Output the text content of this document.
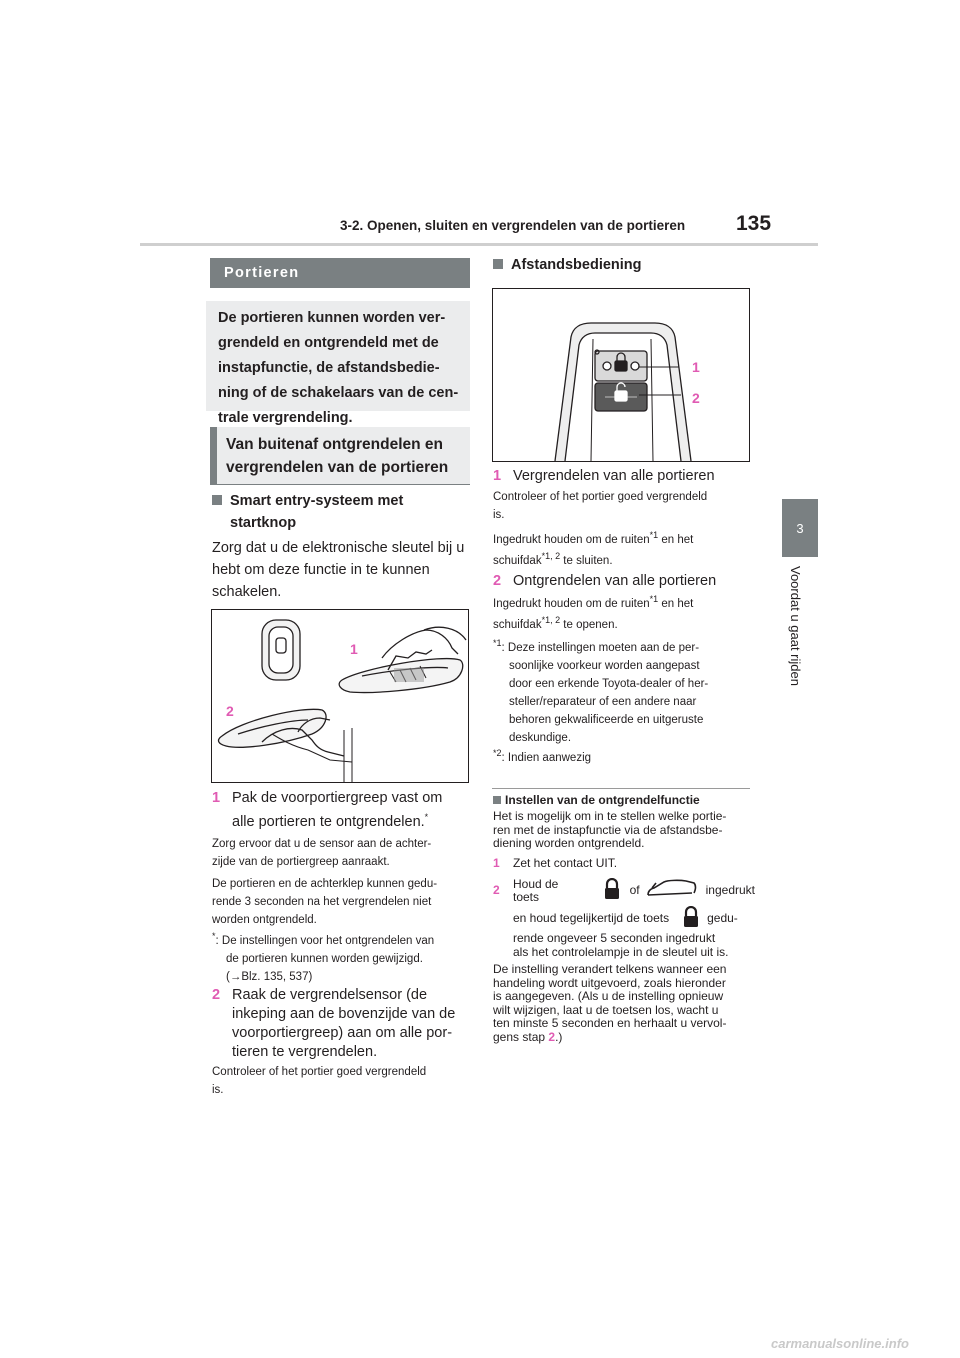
3-2. Openen, sluiten en vergrendelen van de portieren	135
3
Voordat u gaat rijden
Portieren
De portieren kunnen worden ver-
grendeld en ontgrendeld met de
instapfunctie, de afstandsbedie-
ning of de schakelaars van de cen-
trale vergrendeling.
Van buitenaf ontgrendelen en
vergrendelen van de portieren
Smart entry-systeem met
startknop
Zorg dat u de elektronische sleutel bij u
hebt om deze functie in te kunnen
schakelen.
1
2
1 Pak de voorportiergreep vast om
alle portieren te ontgrendelen.*
Zorg ervoor dat u de sensor aan de achter-
zijde van de portiergreep aanraakt.
De portieren en de achterklep kunnen gedu-
rende 3 seconden na het vergrendelen niet
worden ontgrendeld.
*: De instellingen voor het ontgrendelen van
de portieren kunnen worden gewijzigd.
(→Blz. 135, 537)
2 Raak de vergrendelsensor (de
inkeping aan de bovenzijde van de
voorportiergreep) aan om alle por-
tieren te vergrendelen.
Controleer of het portier goed vergrendeld
is.
Afstandsbediening
1
2
1 Vergrendelen van alle portieren
Controleer of het portier goed vergrendeld
is.
Ingedrukt houden om de ruiten$^{*1}$ en het
schuifdak$^{*1, 2}$ te sluiten.
2 Ontgrendelen van alle portieren
Ingedrukt houden om de ruiten$^{*1}$ en het
schuifdak$^{*1, 2}$ te openen.
$^{*1}$: Deze instellingen moeten aan de per-
soonlijke voorkeur worden aangepast
door een erkende Toyota-dealer of her-
steller/reparateur of een andere naar
behoren gekwalificeerde en uitgeruste
deskundige.
$^{*2}$: Indien aanwezig
Instellen van de ontgrendelfunctie
Het is mogelijk om in te stellen welke portie-
ren met de instapfunctie via de afstandsbe-
diening worden ontgrendeld.
1 Zet het contact UIT.
2	Houd de toets	of	ingedrukt
en houd tegelijkertijd de toets	gedu-
rende ongeveer 5 seconden ingedrukt
als het controlelampje in de sleutel uit is.
De instelling verandert telkens wanneer een
handeling wordt uitgevoerd, zoals hieronder
is aangegeven. (Als u de instelling opnieuw
wilt wijzigen, laat u de toetsen los, wacht u
ten minste 5 seconden en herhaalt u vervol-
gens stap 2.)
carmanualsonline.info
